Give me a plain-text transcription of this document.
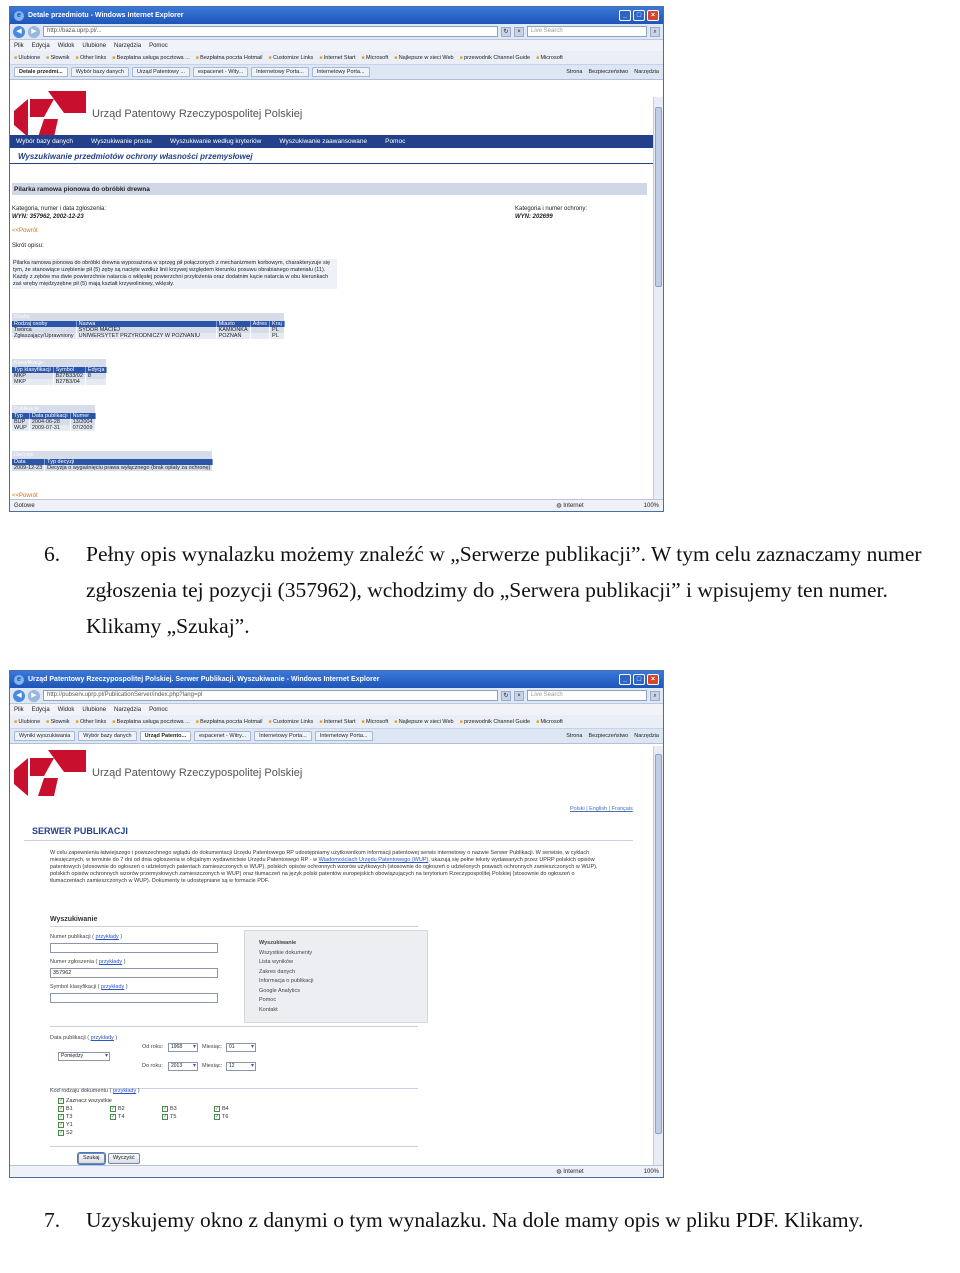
e	Detale przedmiotu - Windows Internet Explorer	_	□	×
◀	▶	http://baza.uprp.pl/...	↻	×	Live Search	⌕
Plik Edycja Widok Ulubione Narzędzia Pomoc
■ Ulubione	■ Słownik	■ Other links	■ Bezpłatna usługa pocztowa ...	■ Bezpłatna poczta Hotmail	■ Customize Links	■ Internet Start	■ Microsoft	■ Najlepsze w sieci Web	■ przewodnik Channel Guide	■ Microsoft
Detale przedmi...	Wybór bazy danych	Urząd Patentowy ...	espacenet - Wity...	Internetowy Porta...	Internetowy Porta...	Strona Bezpieczeństwo Narzędzia
Urząd Patentowy Rzeczypospolitej Polskiej
Wybór bazy danych	Wyszukiwanie proste	Wyszukiwanie według kryteriów	Wyszukiwanie zaawansowane	Pomoc
Wyszukiwanie przedmiotów ochrony własności przemysłowej
Pilarka ramowa pionowa do obróbki drewna
Kategoria, numer i data zgłoszenia:
WYN: 357962, 2002-12-23
Kategoria i numer ochrony:
WYN: 202699
<<Powrót
Skrót opisu:
Pilarka ramowa pionowa do obróbki drewna wyposażona w sprzęg pił połączonych z mechanizmem korbowym, charakteryzuje się tym, że stanowiące uzębienie pił (5) zęby są nacięte wzdłuż linii krzywej względem kierunku posuwu obrabianego materiału (11). Każdy z zębów ma dwie powierzchnie natarcia o wklęsłej powierzchni przyłożenia oraz dodatnim kącie natarcia w obu kierunkach zaś wręby międzyzębne pił (5) mają kształt krzywoliniowy, wklęsły.
Osoby				
Rodzaj osoby	Nazwa	Miasto	Adres	Kraj
Twórca	SYDOR MACIEJ	KAMIONKA		PL
Zgłaszający/Uprawniony	UNIWERSYTET PRZYRODNICZY W POZNANIU	POZNAŃ		PL
Klasyfikacje		
Typ klasyfikacji	Symbol	Edycja
MKP	B27B33/02	8
MKP	B27B3/04	
Publikacje		
Typ	Data publikacji	Numer
BUP	2004-06-28	13/2004
WUP	2009-07-31	07/2009
Decyzje	
Data	Typ decyzji
2009-12-23	Decyzja o wygaśnięciu prawa wyłącznego (brak opłaty za ochronę)
<<Powrót
Gotowe	◍ Internet	100%
6. Pełny opis wynalazku możemy znaleźć w „Serwerze publikacji”. W tym celu zaznaczamy numer zgłoszenia tej pozycji (357962), wchodzimy do „Serwera publikacji” i wpisujemy ten numer. Klikamy „Szukaj”.
e	Urząd Patentowy Rzeczypospolitej Polskiej. Serwer Publikacji. Wyszukiwanie - Windows Internet Explorer	_	□	×
◀	▶	http://pubserv.uprp.pl/PublicationServer/index.php?lang=pl	↻	×	Live Search	⌕
Plik Edycja Widok Ulubione Narzędzia Pomoc
■ Ulubione	■ Słownik	■ Other links	■ Bezpłatna usługa pocztowa ...	■ Bezpłatna poczta Hotmail	■ Customize Links	■ Internet Start	■ Microsoft	■ Najlepsze w sieci Web	■ przewodnik Channel Guide	■ Microsoft
Wyniki wyszukiwania	Wybór bazy danych	Urząd Patento...	espacenet - Witry...	Internetowy Porta...	Internetowy Porta...	Strona Bezpieczeństwo Narzędzia
Urząd Patentowy Rzeczypospolitej Polskiej
Polski | English | Français
SERWER PUBLIKACJI
W celu zapewnienia łatwiejszego i powszechnego wglądu do dokumentacji Urzędu Patentowego RP udostępniamy użytkownikom informacji patentowej serwis internetowy o nazwie Serwer Publikacji. W serwisie, w cyklach miesięcznych, w terminie do 7 dni od dnia ogłoszenia w oficjalnym wydawnictwie Urzędu Patentowego RP - w Wiadomościach Urzędu Patentowego (WUP), ukazują się pełne teksty wydawanych przez UPRP polskich opisów patentowych (stosownie do ogłoszeń o udzielonych patentach zamieszczonych w WUP), polskich opisów ochronnych wzorów użytkowych (stosownie do ogłoszeń o udzielonych prawach ochronnych zamieszczonych w WUP), polskich opisów ochronnych wzorów przemysłowych zamieszczonych w WUP) oraz tłumaczeń na język polski patentów europejskich obowiązujących na terytorium Rzeczypospolitej Polskiej (stosownie do ogłoszeń o tłumaczeniach zamieszczonych w WUP). Dokumenty te udostępniane są w formacie PDF.
Wyszukiwanie
Numer publikacji ( przykłady )
Numer zgłoszenia ( przykłady )
357962
Symbol klasyfikacji ( przykłady )
Wyszukiwanie
Wszystkie dokumenty
Lista wyników
Zakres danych
Informacja o publikacji
Google Analytics
Pomoc
Kontakt
Data publikacji ( przykłady )
Pomiędzy ▾
Od roku:	1968 ▾	Miesiąc:	01 ▾
Do roku:	2013 ▾	Miesiąc:	12 ▾
Kod rodzaju dokumentu ( przykłady )
✓ Zaznacz wszystkie
✓ B1	✓ B2	✓ B3	✓ B4
✓ T3	✓ T4	✓ T5	✓ T6
✓ Y1
✓ S2
Szukaj	Wyczyść
◍ Internet	100%
7. Uzyskujemy okno z danymi o tym wynalazku. Na dole mamy opis w pliku PDF. Klikamy.
